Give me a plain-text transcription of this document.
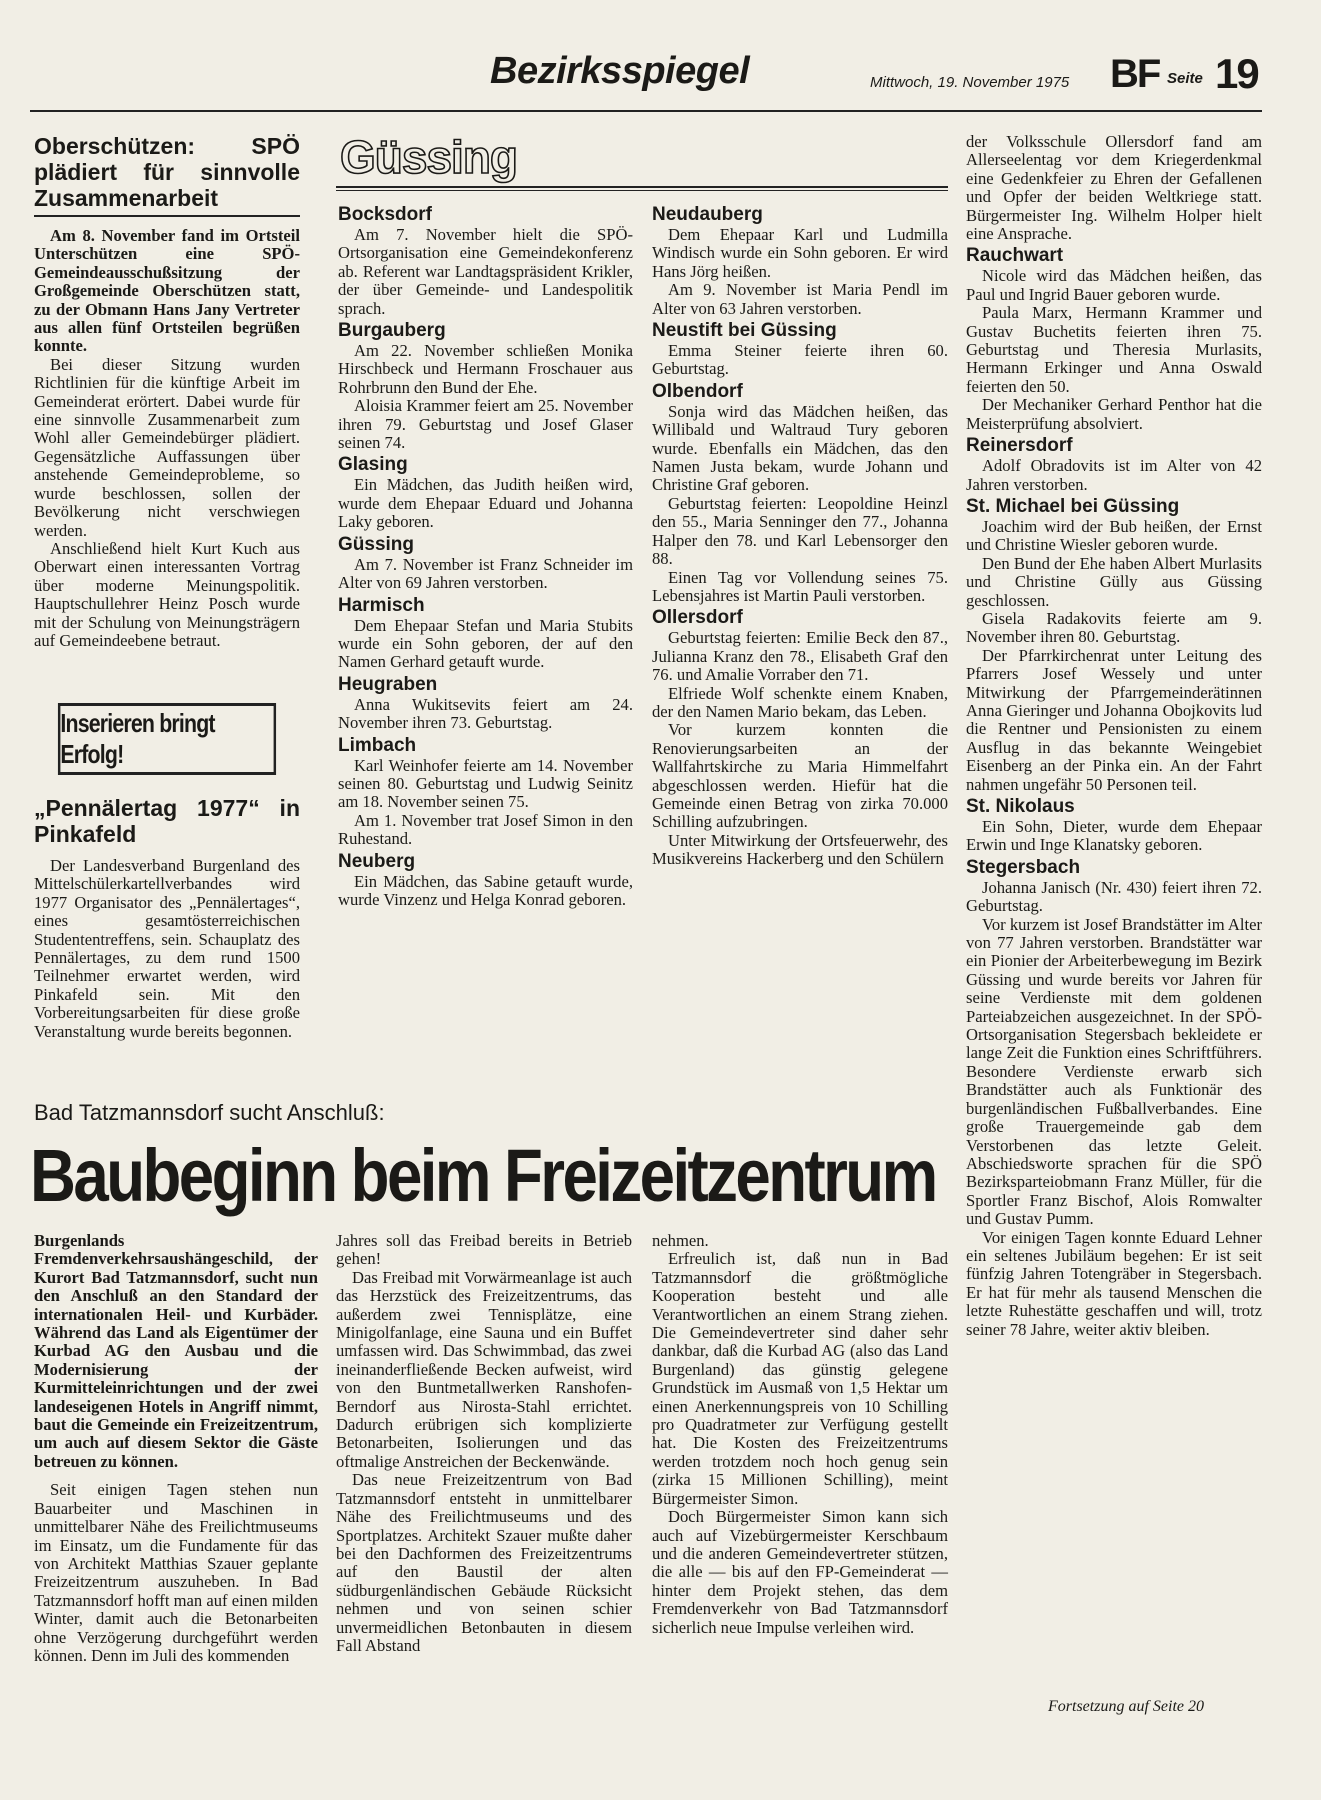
Bezirksspiegel	Mittwoch, 19. November 1975 BF Seite 19
Oberschützen: SPÖ plädiert für sinnvolle Zusammenarbeit

Am 8. November fand im Ortsteil Unterschützen eine SPÖ-Gemeindeausschußsitzung der Großgemeinde Oberschützen statt, zu der Obmann Hans Jany Vertreter aus allen fünf Ortsteilen begrüßen konnte.

Bei dieser Sitzung wurden Richtlinien für die künftige Arbeit im Gemeinderat erörtert. Dabei wurde für eine sinnvolle Zusammenarbeit zum Wohl aller Gemeindebürger plädiert. Gegensätzliche Auffassungen über anstehende Gemeindeprobleme, so wurde beschlossen, sollen der Bevölkerung nicht verschwiegen werden.

Anschließend hielt Kurt Kuch aus Oberwart einen interessanten Vortrag über moderne Meinungspolitik. Hauptschullehrer Heinz Posch wurde mit der Schulung von Meinungsträgern auf Gemeindeebene betraut.

Inserieren bringt Erfolg!
„Pennälertag 1977“ in Pinkafeld

Der Landesverband Burgenland des Mittelschülerkartellverbandes wird 1977 Organisator des „Pennälertages“, eines gesamtösterreichischen Studententreffens, sein. Schauplatz des Pennälertages, zu dem rund 1500 Teilnehmer erwartet werden, wird Pinkafeld sein. Mit den Vorbereitungsarbeiten für diese große Veranstaltung wurde bereits begonnen.

Güssing
Bocksdorf

Am 7. November hielt die SPÖ-Ortsorganisation eine Gemeindekonferenz ab. Referent war Landtagspräsident Krikler, der über Gemeinde- und Landespolitik sprach.

Burgauberg

Am 22. November schließen Monika Hirschbeck und Hermann Froschauer aus Rohrbrunn den Bund der Ehe.

Aloisia Krammer feiert am 25. November ihren 79. Geburtstag und Josef Glaser seinen 74.

Glasing

Ein Mädchen, das Judith heißen wird, wurde dem Ehepaar Eduard und Johanna Laky geboren.

Güssing

Am 7. November ist Franz Schneider im Alter von 69 Jahren verstorben.

Harmisch

Dem Ehepaar Stefan und Maria Stubits wurde ein Sohn geboren, der auf den Namen Gerhard getauft wurde.

Heugraben

Anna Wukitsevits feiert am 24. November ihren 73. Geburtstag.

Limbach

Karl Weinhofer feierte am 14. November seinen 80. Geburtstag und Ludwig Seinitz am 18. November seinen 75.

Am 1. November trat Josef Simon in den Ruhestand.

Neuberg

Ein Mädchen, das Sabine getauft wurde, wurde Vinzenz und Helga Konrad geboren.

Neudauberg

Dem Ehepaar Karl und Ludmilla Windisch wurde ein Sohn geboren. Er wird Hans Jörg heißen.

Am 9. November ist Maria Pendl im Alter von 63 Jahren verstorben.

Neustift bei Güssing

Emma Steiner feierte ihren 60. Geburtstag.

Olbendorf

Sonja wird das Mädchen heißen, das Willibald und Waltraud Tury geboren wurde. Ebenfalls ein Mädchen, das den Namen Justa bekam, wurde Johann und Christine Graf geboren.

Geburtstag feierten: Leopoldine Heinzl den 55., Maria Senninger den 77., Johanna Halper den 78. und Karl Lebensorger den 88.

Einen Tag vor Vollendung seines 75. Lebensjahres ist Martin Pauli verstorben.

Ollersdorf

Geburtstag feierten: Emilie Beck den 87., Julianna Kranz den 78., Elisabeth Graf den 76. und Amalie Vorraber den 71.

Elfriede Wolf schenkte einem Knaben, der den Namen Mario bekam, das Leben.

Vor kurzem konnten die Renovierungsarbeiten an der Wallfahrtskirche zu Maria Himmelfahrt abgeschlossen werden. Hiefür hat die Gemeinde einen Betrag von zirka 70.000 Schilling aufzubringen.

Unter Mitwirkung der Ortsfeuerwehr, des Musikvereins Hackerberg und den Schülern

der Volksschule Ollersdorf fand am Allerseelentag vor dem Kriegerdenkmal eine Gedenkfeier zu Ehren der Gefallenen und Opfer der beiden Weltkriege statt. Bürgermeister Ing. Wilhelm Holper hielt eine Ansprache.

Rauchwart

Nicole wird das Mädchen heißen, das Paul und Ingrid Bauer geboren wurde.

Paula Marx, Hermann Krammer und Gustav Buchetits feierten ihren 75. Geburtstag und Theresia Murlasits, Hermann Erkinger und Anna Oswald feierten den 50.

Der Mechaniker Gerhard Penthor hat die Meisterprüfung absolviert.

Reinersdorf

Adolf Obradovits ist im Alter von 42 Jahren verstorben.

St. Michael bei Güssing

Joachim wird der Bub heißen, der Ernst und Christine Wiesler geboren wurde.

Den Bund der Ehe haben Albert Murlasits und Christine Gülly aus Güssing geschlossen.

Gisela Radakovits feierte am 9. November ihren 80. Geburtstag.

Der Pfarrkirchenrat unter Leitung des Pfarrers Josef Wessely und unter Mitwirkung der Pfarrgemeinderätinnen Anna Gieringer und Johanna Obojkovits lud die Rentner und Pensionisten zu einem Ausflug in das bekannte Weingebiet Eisenberg an der Pinka ein. An der Fahrt nahmen ungefähr 50 Personen teil.

St. Nikolaus

Ein Sohn, Dieter, wurde dem Ehepaar Erwin und Inge Klanatsky geboren.

Stegersbach

Johanna Janisch (Nr. 430) feiert ihren 72. Geburtstag.

Vor kurzem ist Josef Brandstätter im Alter von 77 Jahren verstorben. Brandstätter war ein Pionier der Arbeiterbewegung im Bezirk Güssing und wurde bereits vor Jahren für seine Verdienste mit dem goldenen Parteiabzeichen ausgezeichnet. In der SPÖ-Ortsorganisation Stegersbach bekleidete er lange Zeit die Funktion eines Schriftführers. Besondere Verdienste erwarb sich Brandstätter auch als Funktionär des burgenländischen Fußballverbandes. Eine große Trauergemeinde gab dem Verstorbenen das letzte Geleit. Abschiedsworte sprachen für die SPÖ Bezirksparteiobmann Franz Müller, für die Sportler Franz Bischof, Alois Romwalter und Gustav Pumm.

Vor einigen Tagen konnte Eduard Lehner ein seltenes Jubiläum begehen: Er ist seit fünfzig Jahren Totengräber in Stegersbach. Er hat für mehr als tausend Menschen die letzte Ruhestätte geschaffen und will, trotz seiner 78 Jahre, weiter aktiv bleiben.

Fortsetzung auf Seite 20
Bad Tatzmannsdorf sucht Anschluß:
Baubeginn beim Freizeitzentrum

Burgenlands Fremdenverkehrsaushängeschild, der Kurort Bad Tatzmannsdorf, sucht nun den Anschluß an den Standard der internationalen Heil- und Kurbäder. Während das Land als Eigentümer der Kurbad AG den Ausbau und die Modernisierung der Kurmitteleinrichtungen und der zwei landeseigenen Hotels in Angriff nimmt, baut die Gemeinde ein Freizeitzentrum, um auch auf diesem Sektor die Gäste betreuen zu können.

Seit einigen Tagen stehen nun Bauarbeiter und Maschinen in unmittelbarer Nähe des Freilichtmuseums im Einsatz, um die Fundamente für das von Architekt Matthias Szauer geplante Freizeitzentrum auszuheben. In Bad Tatzmannsdorf hofft man auf einen milden Winter, damit auch die Betonarbeiten ohne Verzögerung durchgeführt werden können. Denn im Juli des kommenden

Jahres soll das Freibad bereits in Betrieb gehen!

Das Freibad mit Vorwärmeanlage ist auch das Herzstück des Freizeitzentrums, das außerdem zwei Tennisplätze, eine Minigolfanlage, eine Sauna und ein Buffet umfassen wird. Das Schwimmbad, das zwei ineinanderfließende Becken aufweist, wird von den Buntmetallwerken Ranshofen-Berndorf aus Nirosta-Stahl errichtet. Dadurch erübrigen sich komplizierte Betonarbeiten, Isolierungen und das oftmalige Anstreichen der Beckenwände.

Das neue Freizeitzentrum von Bad Tatzmannsdorf entsteht in unmittelbarer Nähe des Freilichtmuseums und des Sportplatzes. Architekt Szauer mußte daher bei den Dachformen des Freizeitzentrums auf den Baustil der alten südburgenländischen Gebäude Rücksicht nehmen und von seinen schier unvermeidlichen Betonbauten in diesem Fall Abstand

nehmen.

Erfreulich ist, daß nun in Bad Tatzmannsdorf die größtmögliche Kooperation besteht und alle Verantwortlichen an einem Strang ziehen. Die Gemeindevertreter sind daher sehr dankbar, daß die Kurbad AG (also das Land Burgenland) das günstig gelegene Grundstück im Ausmaß von 1,5 Hektar um einen Anerkennungspreis von 10 Schilling pro Quadratmeter zur Verfügung gestellt hat. Die Kosten des Freizeitzentrums werden trotzdem noch hoch genug sein (zirka 15 Millionen Schilling), meint Bürgermeister Simon.

Doch Bürgermeister Simon kann sich auch auf Vizebürgermeister Kerschbaum und die anderen Gemeindevertreter stützen, die alle — bis auf den FP-Gemeinderat — hinter dem Projekt stehen, das dem Fremdenverkehr von Bad Tatzmannsdorf sicherlich neue Impulse verleihen wird.
